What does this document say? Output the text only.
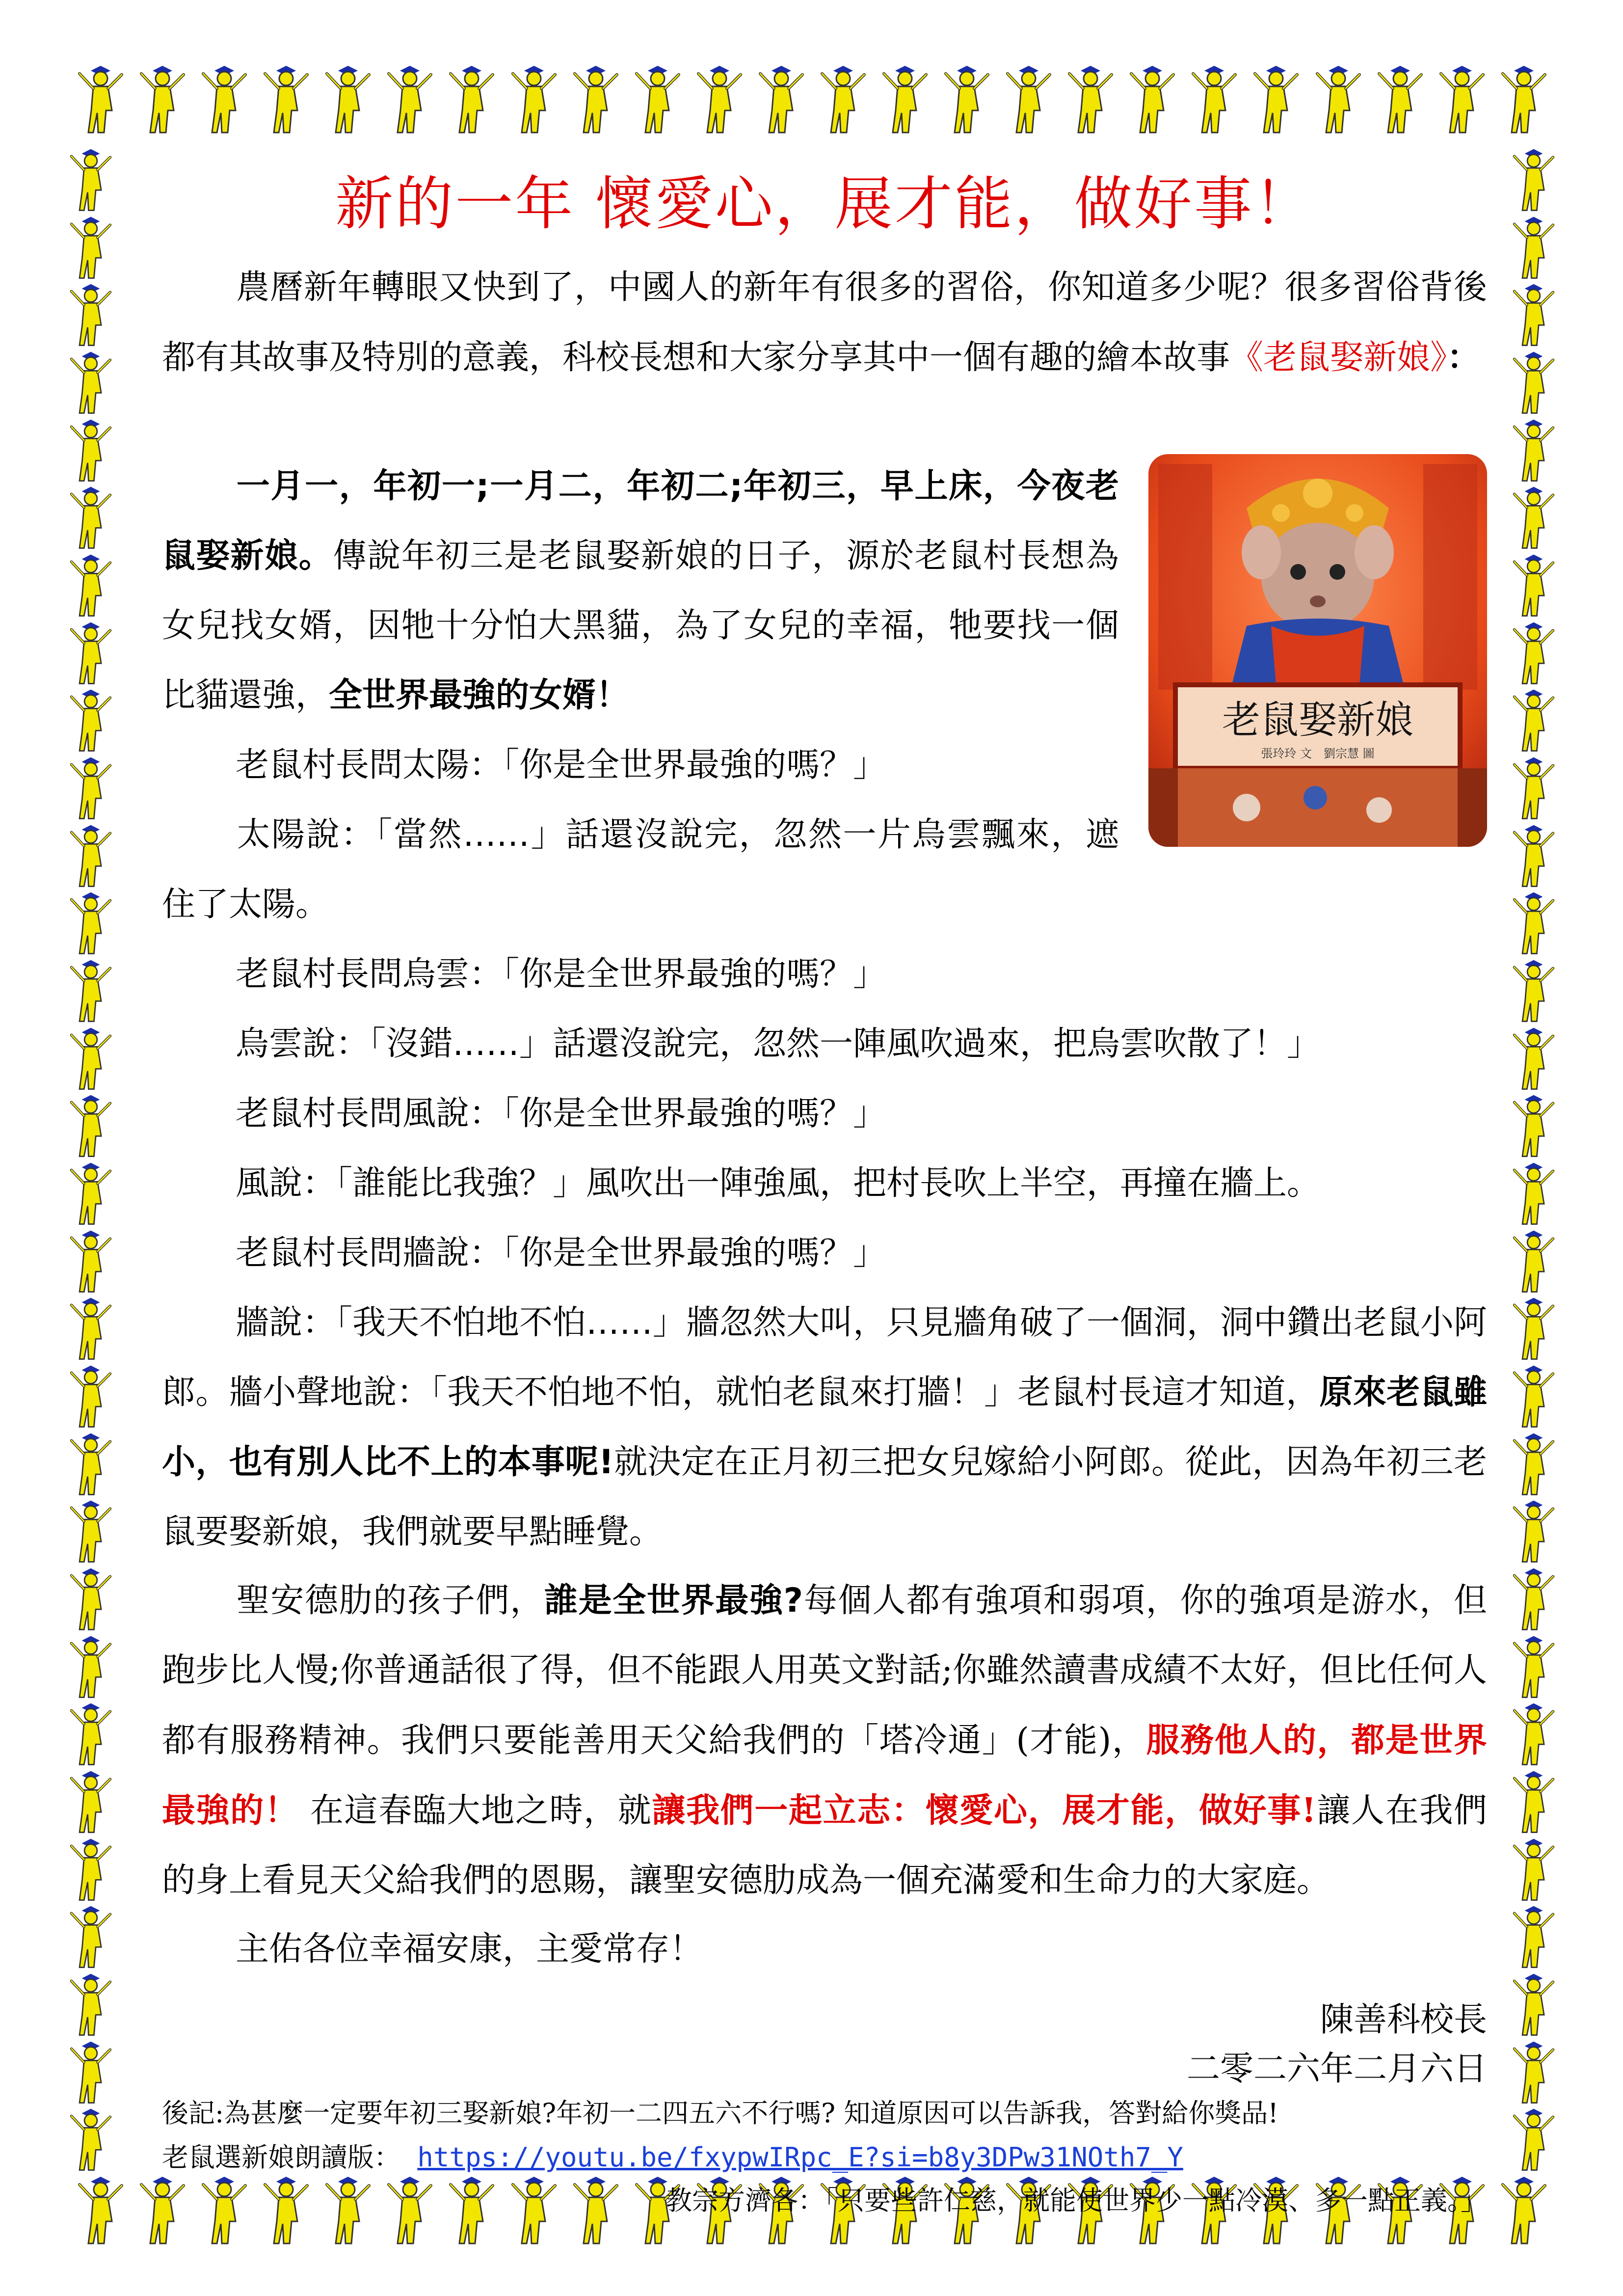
新的一年 懷愛心，展才能，做好事！
農曆新年轉眼又快到了，中國人的新年有很多的習俗，你知道多少呢？很多習俗背後都有其故事及特別的意義，科校長想和大家分享其中一個有趣的繪本故事《老鼠娶新娘》：
一月一，年初一;一月二，年初二;年初三，早上床，今夜老鼠娶新娘。傳說年初三是老鼠娶新娘的日子，源於老鼠村長想為女兒找女婿，因牠十分怕大黑貓，為了女兒的幸福，牠要找一個比貓還強，全世界最強的女婿！
老鼠村長問太陽：「你是全世界最強的嗎？」
太陽說：「當然……」話還沒說完，忽然一片烏雲飄來，遮住了太陽。
老鼠村長問烏雲：「你是全世界最強的嗎？」
烏雲說：「沒錯……」話還沒說完，忽然一陣風吹過來，把烏雲吹散了！」
老鼠村長問風說：「你是全世界最強的嗎？」
風說：「誰能比我強？」風吹出一陣強風，把村長吹上半空，再撞在牆上。
老鼠村長問牆說：「你是全世界最強的嗎？」
牆說：「我天不怕地不怕……」牆忽然大叫，只見牆角破了一個洞，洞中鑽出老鼠小阿郎。牆小聲地說：「我天不怕地不怕，就怕老鼠來打牆！」老鼠村長這才知道，原來老鼠雖小，也有別人比不上的本事呢!就決定在正月初三把女兒嫁給小阿郎。從此，因為年初三老鼠要娶新娘，我們就要早點睡覺。
聖安德肋的孩子們，誰是全世界最強?每個人都有強項和弱項，你的強項是游水，但跑步比人慢;你普通話很了得，但不能跟人用英文對話;你雖然讀書成績不太好，但比任何人都有服務精神。我們只要能善用天父給我們的「塔冷通」(才能)，服務他人的，都是世界最強的！ 在這春臨大地之時，就讓我們一起立志：懷愛心，展才能，做好事!讓人在我們的身上看見天父給我們的恩賜，讓聖安德肋成為一個充滿愛和生命力的大家庭。
主佑各位幸福安康，主愛常存！
陳善科校長
二零二六年二月六日
後記:為甚麼一定要年初三娶新娘?年初一二四五六不行嗎? 知道原因可以告訴我，答對給你獎品!
老鼠選新娘朗讀版： https://youtu.be/fxypwIRpc_E?si=b8y3DPw31NOth7_Y
教宗方濟各：「只要些許仁慈，就能使世界少一點冷漠、多一點正義。」
老鼠娶新娘
張玲玲 文　劉宗慧 圖
